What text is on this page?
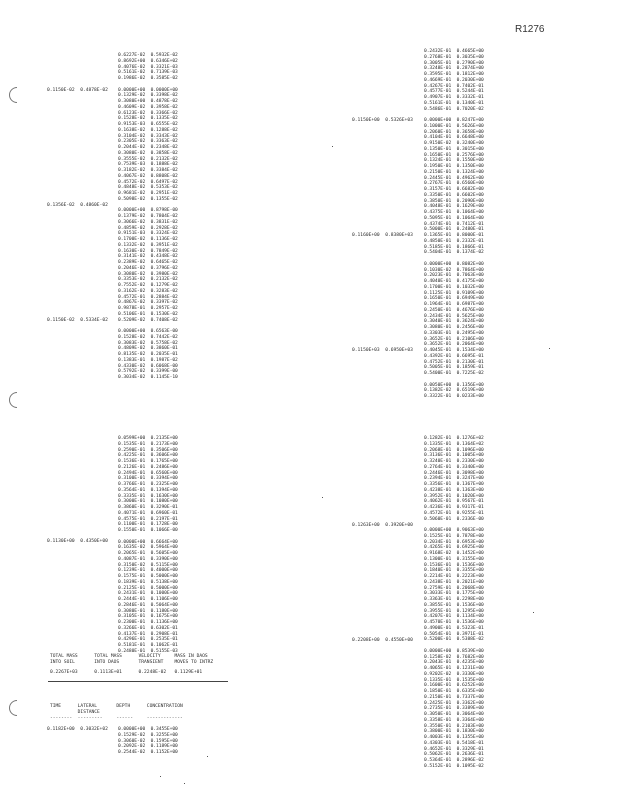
R1276
0.6227E-02  0.5932E-02
0.8692E+00  0.6346E+02
0.4076E-02  0.3321E-03
0.5161E-02  0.7139E-03
0.1986E-02  0.3585E-02

0.0000E+00  0.0000E+00
0.1329E-02  0.3398E-02
0.3080E+00  0.4878E-02
0.4609E-02  0.3958E-02
0.6123E-02  0.3366E-02
0.1528E-02  0.1335E-02
0.9153E-03  0.6555E-02
0.1638E-02  0.1288E-02
0.3104E-02  0.3343E-02
0.2305E-02  0.3363E-02
0.2044E-02  0.2348E-02
0.3080E-02  0.3858E-02
0.3555E-02  0.2132E-02
0.7539E-03  0.1888E-02
0.3182E-02  0.3384E-02
0.4067E-02  0.8808E-02
0.4572E-02  0.6497E-02
0.4848E-02  0.5353E-02
0.9681E-02  0.2951E-02
0.5098E-02  0.1355E-02

0.0000E+00  0.8798E-00
0.1379E-02  0.7804E-02
0.3066E-02  0.3831E-02
0.4859E-02  0.2928E-02
0.9151E-03  0.3324E-02
0.1700E-02  0.1136E-02
0.1332E-02  0.3951E-02
0.1630E-02  0.7849E-02
0.3141E-02  0.4348E-02
0.2389E-02  0.6465E-02
0.2046E-02  0.3796E-02
0.3080E-02  0.3980E-02
0.3353E-02  0.2132E-02
0.7552E-02  0.1279E-02
0.3162E-02  0.3283E-02
0.4572E-01  0.2884E-02
0.4867E-02  0.3397E-02
0.9878E-01  0.2957E-02
0.5106E-01  0.1530E-02
0.5209E-02  0.7408E-02

0.0000E+00  0.6563E-00
0.1528E-02  0.7442E-02
0.3083E-02  0.5758E-02
0.4809E-02  0.3860E-01
0.8135E-02  0.2035E-01
0.1383E-01  0.1987E-02
0.4330E-02  0.6068E-00
0.5792E-02  0.3399E-00
0.3034E-02  0.1145E-10
0.1150E-02  0.4878E-02
0.1356E-02  0.4860E-02
0.1150E-02  0.5334E-02
0.2432E-01  0.4665E+00
0.2768E-01  0.3035E+00
0.3005E-01  0.2790E+00
0.3248E-01  0.2874E+00
0.3595E-01  0.1812E+00
0.4669E-01  0.2030E+00
0.4267E-01  0.7402E-01
0.4577E-01  0.5244E-01
0.4907E-01  0.3332E-01
0.5161E-01  0.1340E-01
0.5486E-01  0.7020E-02

0.0000E+00  0.8247E+00
0.1000E-01  0.5626E+00
0.2060E-01  0.3658E+00
0.4104E-01  0.6648E+00
0.9150E-02  0.3240E+00
0.1350E-01  0.3015E+00
0.1650E-01  0.2576E+00
0.1324E-01  0.1550E+00
0.1950E-01  0.1350E+00
0.2150E-01  0.1324E+00
0.2445E-01  0.4962E+00
0.2767E-01  0.6560E+00
0.3157E-01  0.6682E+00
0.3350E-01  0.6602E+00
0.3850E-01  0.2090E+00
0.4048E-01  0.1629E+00
0.4375E-01  0.1064E+00
0.5095E-01  0.1064E+00
0.4374E-01  0.7412E-01
0.5000E-01  0.2480E-01
0.1365E-01  0.8000E-01
0.4850E-01  0.2332E-01
0.5185E-01  0.1866E-01
0.5404E-01  0.1374E-02

0.0000E+00  0.8082E+00
0.1030E-02  0.7864E+00
0.2023E-01  0.7063E+00
0.4040E-01  0.4175E+00
0.1700E-01  0.1032E+00
0.1125E-01  0.9109E+00
0.1650E-01  0.6949E+00
0.1964E-01  0.6987E+00
0.2450E-01  0.4676E+00
0.2434E-01  0.5625E+00
0.3040E-01  0.3624E+00
0.3080E-01  0.2456E+00
0.3303E-01  0.2495E+00
0.3652E-01  0.2106E+00
0.3652E-01  0.2064E+00
0.4045E-01  0.1534E+00
0.4392E-01  0.6695E-01
0.4752E-01  0.2130E-01
0.5005E-01  0.1859E-01
0.5400E-01  0.7225E-02

0.0050E+00  0.1356E+00
0.1382E-02  0.6519E+00
0.3322E-01  0.0233E+00
0.1150E+00  0.5326E+03
0.1160E+00  0.8380E+03
0.1150E+03  0.6950E+03
0.0599E+00  0.2135E+00
0.1535E-01  0.2173E+00
0.2590E-01  0.3506E+00
0.4225E-01  0.3606E+00
0.1536E-01  0.1765E+00
0.2126E-01  0.2486E+00
0.2494E-01  0.6560E+00
0.3100E-01  0.3394E+00
0.3766E-01  0.2325E+00
0.3564E-01  0.1394E+00
0.3335E-01  0.1630E+00
0.3000E-01  0.1080E+00
0.3860E-01  0.3290E-01
0.4071E-01  0.6960E-01
0.4575E-01  0.2197E-01
0.1100E-01  0.1728E-00
0.1550E-01  0.1066E-00

0.0000E+00  0.6664E+00
0.1635E-02  0.5964E+00
0.2065E-01  0.5605E+00
0.4087E-01  0.3390E+00
0.3150E-02  0.5115E+00
0.1239E-01  0.4000E+00
0.1575E-01  0.5000E+00
0.1839E-01  0.5138E+00
0.2125E-01  0.5000E+00
0.2431E-01  0.1000E+00
0.2444E-01  0.1106E+00
0.2846E-01  0.5064E+00
0.3080E-01  0.1180E+00
0.3105E-01  0.1675E+00
0.2300E-01  0.1136E+00
0.3266E-01  0.6302E-01
0.4137E-01  0.2908E-01
0.4296E-01  0.2535E-01
0.5181E-01  0.1062E-01
0.2480E-01  0.5155E-03
0.1130E+00  0.4350E+00
TOTAL MASS      TOTAL MASS      VELOCITY     MASS IN DAOS
INTO SOIL       INTO DAOS       TRANSIENT    MOVES TO INTRZ
0.2267E+03      0.1113E+01      0.2248E-02   0.1129E+01
TIME      LATERAL       DEPTH      CONCENTRATION
DISTANCE
--------  ---------     ------     -------------
0.1182E+00  0.3032E+02 0.0000E+00  0.3455E+00
0.1529E-02  0.3255E+00
0.3060E-02  0.1595E+00
0.2092E-02  0.1189E+00
0.2544E-02  0.1152E+00
0.1282E-01  0.1276E+02
0.1335E-01  0.1364E+02
0.2068E-01  0.1096E+00
0.3136E-01  0.1005E+00
0.3240E-01  0.2330E+00
0.2764E-01  0.3340E+00
0.2446E-01  0.3098E+00
0.2394E-01  0.3247E+00
0.3356E-01  0.1367E+00
0.4238E-01  0.1363E+00
0.3952E-01  0.1020E+00
0.4062E-01  0.9567E-01
0.4236E-01  0.9317E-01
0.4572E-01  0.9255E-01
0.5060E-01  0.2336E-00

0.0000E+00  0.9063E+00
0.1525E-01  0.7878E+00
0.2034E-01  0.6953E+00
0.4265E-01  0.6925E+00
0.9168E-02  0.1452E+00
0.1300E-01  0.3155E+00
0.1536E-01  0.1536E+00
0.1840E-01  0.3355E+00
0.2214E-01  0.2223E+00
0.2438E-01  0.2021E+00
0.2759E-01  0.2068E+00
0.3033E-01  0.1775E+00
0.3363E-01  0.2298E+00
0.3855E-01  0.1536E+00
0.3955E-01  0.1295E+00
0.4207E-01  0.1134E+00
0.4570E-01  0.1536E+00
0.4900E-01  0.5323E-01
0.5054E-01  0.3971E-01
0.5200E-01  0.5388E-02

0.0000E+00  0.8539E+00
0.1258E-02  0.7682E+00
0.2043E-01  0.4235E+00
0.4065E-01  0.1231E+00
0.9202E-02  0.3330E+00
0.1335E-01  0.1535E+00
0.1600E-01  0.6252E+00
0.1850E-01  0.6335E+00
0.2150E-01  0.7337E+00
0.2425E-01  0.3362E+00
0.2735E-01  0.3389E+00
0.3050E-01  0.3064E+00
0.3358E-01  0.3364E+00
0.3550E-01  0.2103E+00
0.3800E-01  0.1830E+00
0.4003E-01  0.1355E+00
0.4303E-01  0.5418E-01
0.4652E-01  0.3329E-01
0.5062E-01  0.2636E-01
0.5364E-01  0.2896E-02
0.5152E-01  0.1095E-02
0.1263E+00  0.3920E+00
0.2208E+00  0.4550E+00
